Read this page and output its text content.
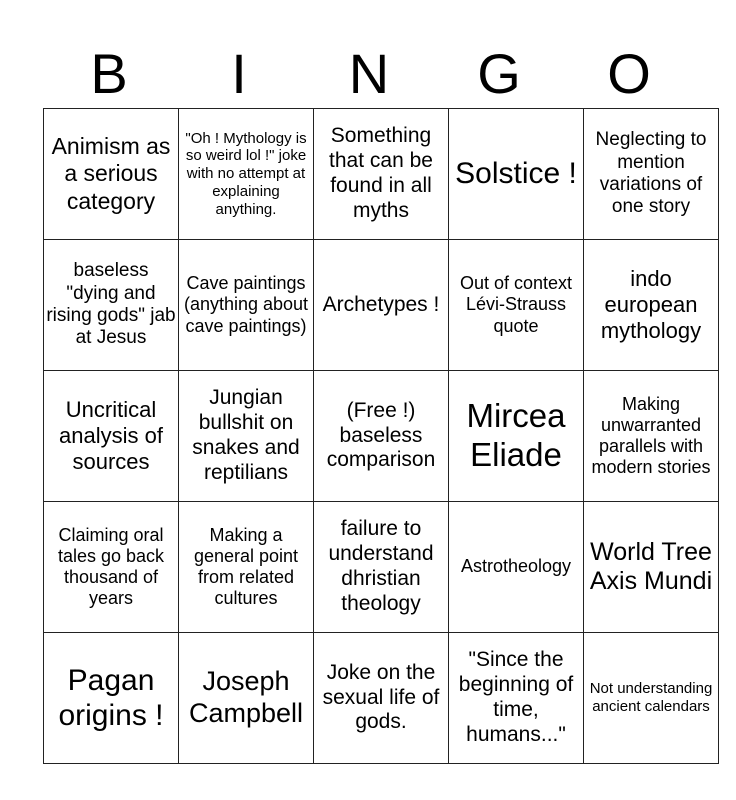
B	I	N	G	O
Animism as a serious category	"Oh ! Mythology is so weird lol !" joke with no attempt at explaining anything.	Something that can be found in all myths	Solstice !	Neglecting to mention variations of one story
baseless "dying and rising gods" jab at Jesus	Cave paintings (anything about cave paintings)	Archetypes !	Out of context Lévi-Strauss quote	indo european mythology
Uncritical analysis of sources	Jungian bullshit on snakes and reptilians	(Free !) baseless comparison	Mircea Eliade	Making unwarranted parallels with modern stories
Claiming oral tales go back thousand of years	Making a general point from related cultures	failure to understand dhristian theology	Astrotheology	World Tree Axis Mundi
Pagan origins !	Joseph Campbell	Joke on the sexual life of gods.	"Since the beginning of time, humans..."	Not understanding ancient calendars
